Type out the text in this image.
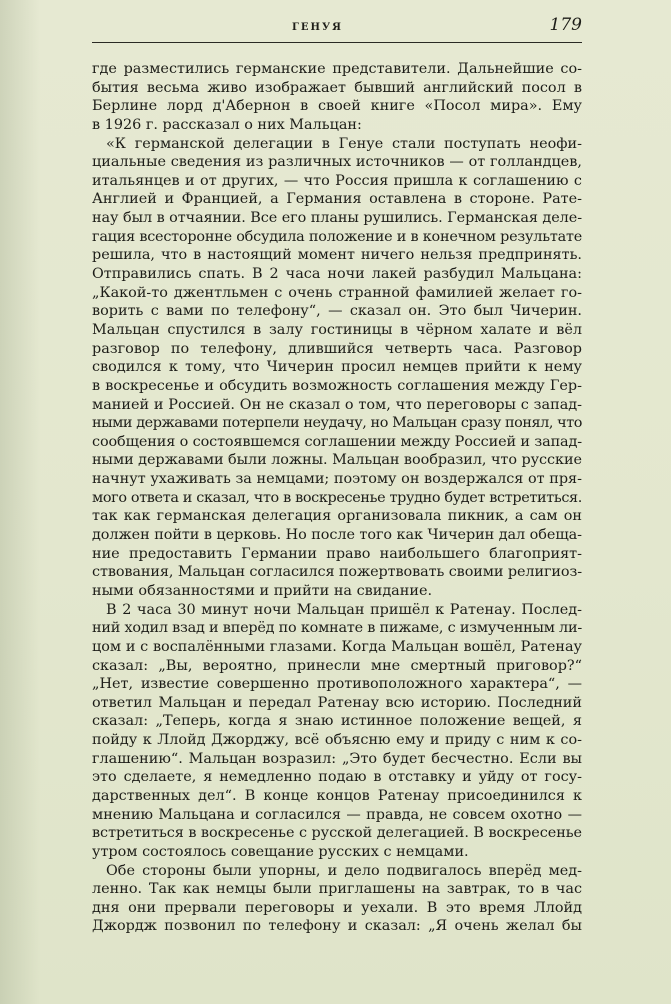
ГЕНУЯ	179
где разместились германские представители. Дальнейшие со-
бытия весьма живо изображает бывший английский посол в
Берлине лорд д'Абернон в своей книге «Посол мира». Ему
в 1926 г. рассказал о них Мальцан:
«К германской делегации в Генуе стали поступать неофи-
циальные сведения из различных источников — от голландцев,
итальянцев и от других, — что Россия пришла к соглашению с
Англией и Францией, а Германия оставлена в стороне. Рате-
нау был в отчаянии. Все его планы рушились. Германская деле-
гация всесторонне обсудила положение и в конечном результате
решила, что в настоящий момент ничего нельзя предпринять.
Отправились спать. В 2 часа ночи лакей разбудил Мальцана:
„Какой-то джентльмен с очень странной фамилией желает го-
ворить с вами по телефону“, — сказал он. Это был Чичерин.
Мальцан спустился в залу гостиницы в чёрном халате и вёл
разговор по телефону, длившийся четверть часа. Разговор
сводился к тому, что Чичерин просил немцев прийти к нему
в воскресенье и обсудить возможность соглашения между Гер-
манией и Россией. Он не сказал о том, что переговоры с запад-
ными державами потерпели неудачу, но Мальцан сразу понял, что
сообщения о состоявшемся соглашении между Россией и запад-
ными державами были ложны. Мальцан вообразил, что русские
начнут ухаживать за немцами; поэтому он воздержался от пря-
мого ответа и сказал, что в воскресенье трудно будет встретиться.
так как германская делегация организовала пикник, а сам он
должен пойти в церковь. Но после того как Чичерин дал обеща-
ние предоставить Германии право наибольшего благоприят-
ствования, Мальцан согласился пожертвовать своими религиоз-
ными обязанностями и прийти на свидание.
В 2 часа 30 минут ночи Мальцан пришёл к Ратенау. Послед-
ний ходил взад и вперёд по комнате в пижаме, с измученным ли-
цом и с воспалёнными глазами. Когда Мальцан вошёл, Ратенау
сказал: „Вы, вероятно, принесли мне смертный приговор?“
„Нет, известие совершенно противоположного характера“, —
ответил Мальцан и передал Ратенау всю историю. Последний
сказал: „Теперь, когда я знаю истинное положение вещей, я
пойду к Ллойд Джорджу, всё объясню ему и приду с ним к со-
глашению“. Мальцан возразил: „Это будет бесчестно. Если вы
это сделаете, я немедленно подаю в отставку и уйду от госу-
дарственных дел“. В конце концов Ратенау присоединился к
мнению Мальцана и согласился — правда, не совсем охотно —
встретиться в воскресенье с русской делегацией. В воскресенье
утром состоялось совещание русских с немцами.
Обе стороны были упорны, и дело подвигалось вперёд мед-
ленно. Так как немцы были приглашены на завтрак, то в час
дня они прервали переговоры и уехали. В это время Ллойд
Джордж позвонил по телефону и сказал: „Я очень желал бы
